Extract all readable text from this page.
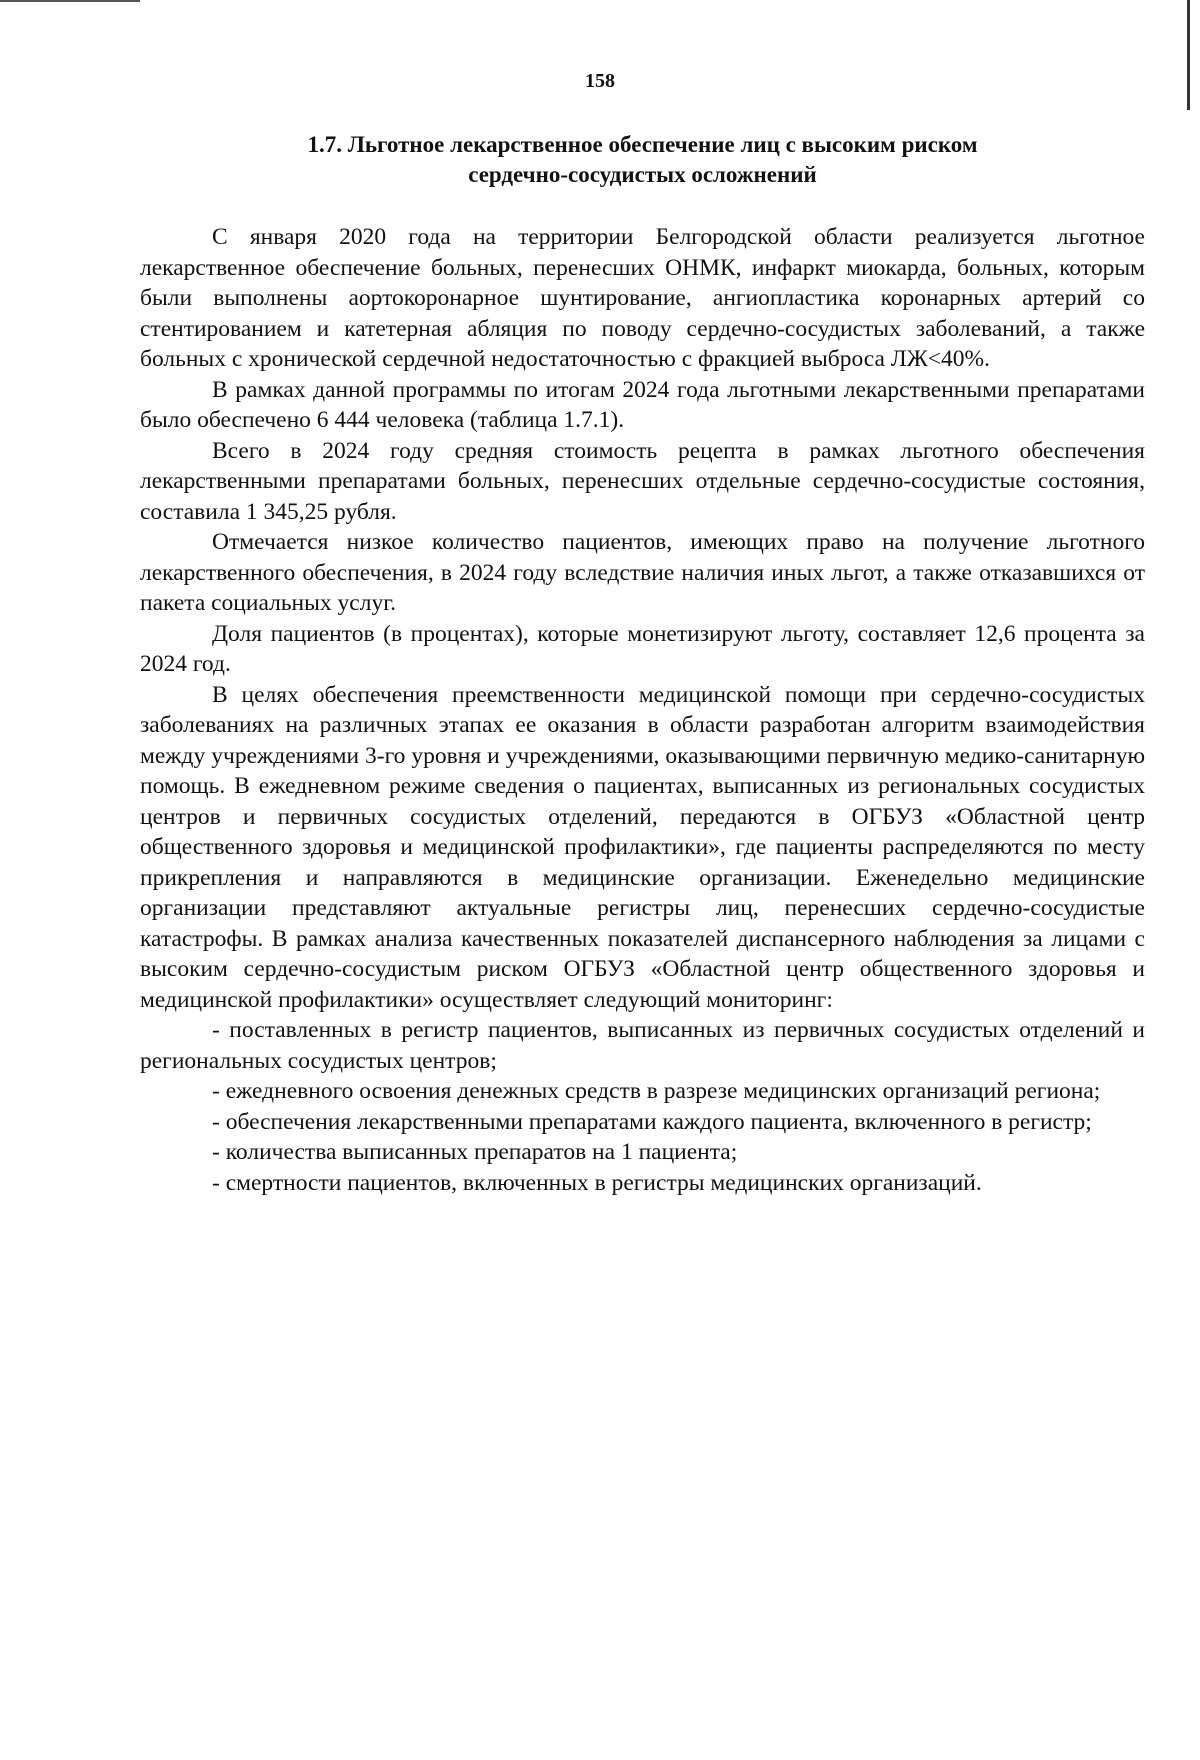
158
1.7. Льготное лекарственное обеспечение лиц с высоким риском
сердечно-сосудистых осложнений

С января 2020 года на территории Белгородской области реализуется льготное лекарственное обеспечение больных, перенесших ОНМК, инфаркт миокарда, больных, которым были выполнены аортокоронарное шунтирование, ангиопластика коронарных артерий со стентированием и катетерная абляция по поводу сердечно-сосудистых заболеваний, а также больных с хронической сердечной недостаточностью с фракцией выброса ЛЖ<40%.

В рамках данной программы по итогам 2024 года льготными лекарственными препаратами было обеспечено 6 444 человека (таблица 1.7.1).

Всего в 2024 году средняя стоимость рецепта в рамках льготного обеспечения лекарственными препаратами больных, перенесших отдельные сердечно-сосудистые состояния, составила 1 345,25 рубля.

Отмечается низкое количество пациентов, имеющих право на получение льготного лекарственного обеспечения, в 2024 году вследствие наличия иных льгот, а также отказавшихся от пакета социальных услуг.

Доля пациентов (в процентах), которые монетизируют льготу, составляет 12,6 процента за 2024 год.

В целях обеспечения преемственности медицинской помощи при сердечно-сосудистых заболеваниях на различных этапах ее оказания в области разработан алгоритм взаимодействия между учреждениями 3-го уровня и учреждениями, оказывающими первичную медико-санитарную помощь. В ежедневном режиме сведения о пациентах, выписанных из региональных сосудистых центров и первичных сосудистых отделений, передаются в ОГБУЗ «Областной центр общественного здоровья и медицинской профилактики», где пациенты распределяются по месту прикрепления и направляются в медицинские организации. Еженедельно медицинские организации представляют актуальные регистры лиц, перенесших сердечно-сосудистые катастрофы. В рамках анализа качественных показателей диспансерного наблюдения за лицами с высоким сердечно-сосудистым риском ОГБУЗ «Областной центр общественного здоровья и медицинской профилактики» осуществляет следующий мониторинг:

- поставленных в регистр пациентов, выписанных из первичных сосудистых отделений и региональных сосудистых центров;

- ежедневного освоения денежных средств в разрезе медицинских организаций региона;

- обеспечения лекарственными препаратами каждого пациента, включенного в регистр;

- количества выписанных препаратов на 1 пациента;

- смертности пациентов, включенных в регистры медицинских организаций.
